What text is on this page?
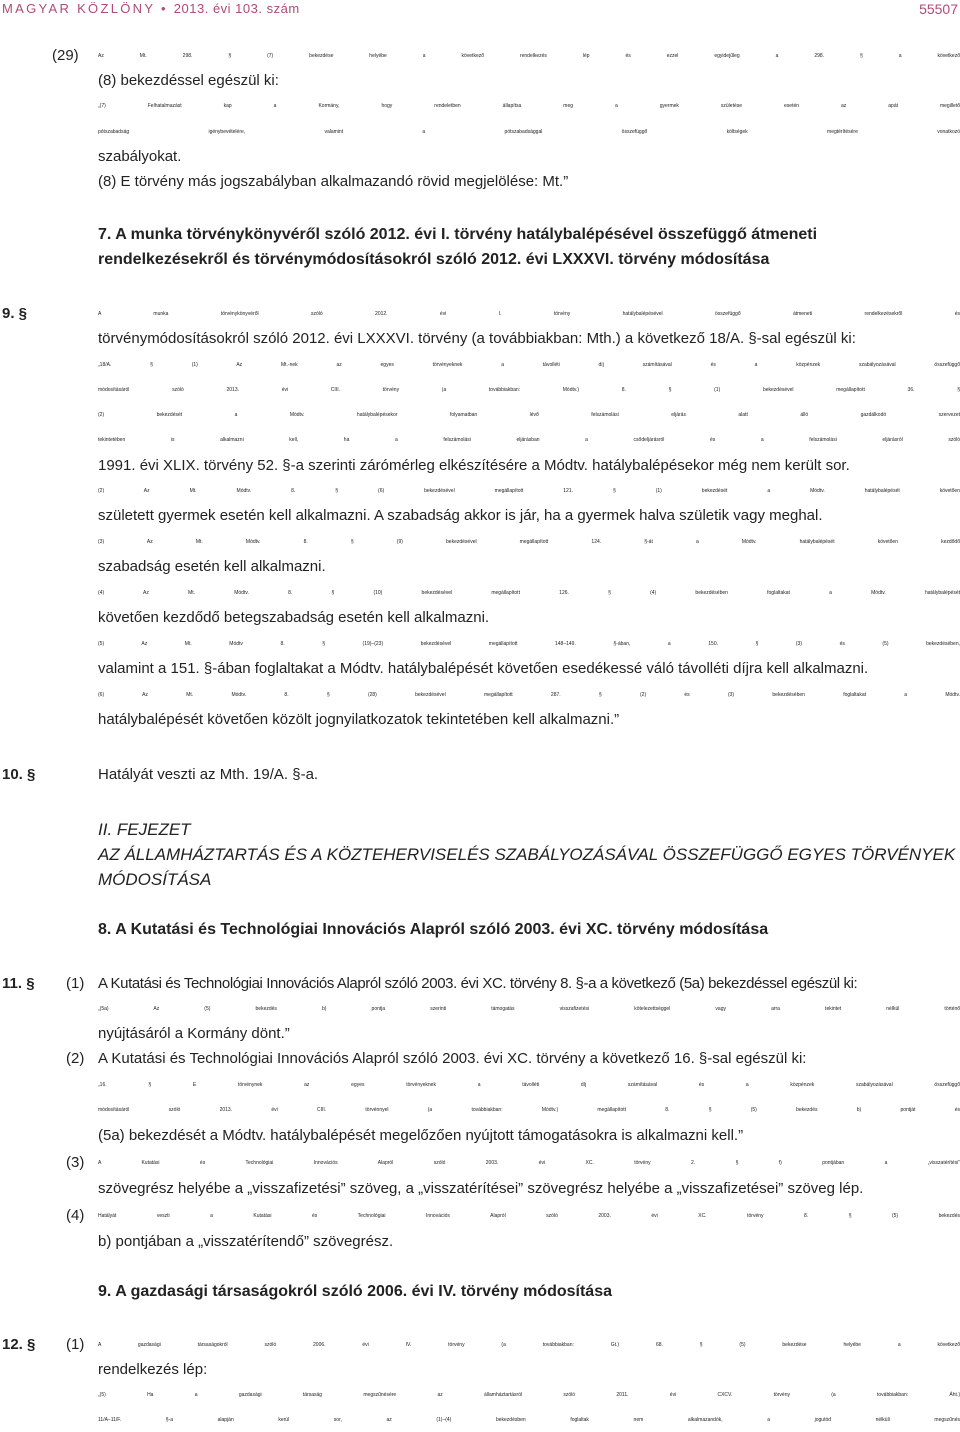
MAGYAR KÖZLÖNY • 2013. évi 103. szám	55507
(29)	Az Mt. 298. § (7) bekezdése helyébe a következő rendelkezés lép és ezzel egyidejűleg a 298. § a következő
(8) bekezdéssel egészül ki:
„(7) Felhatalmazást kap a Kormány, hogy rendeletben állapítsa meg a gyermek születése esetén az apát megillető
pótszabadság igénybevételére, valamint a pótszabadsággal összefüggő költségek megtérítésére vonatkozó
szabályokat.
(8) E törvény más jogszabályban alkalmazandó rövid megjelölése: Mt.”
7. A munka törvénykönyvéről szóló 2012. évi I. törvény hatálybalépésével összefüggő átmeneti
rendelkezésekről és törvénymódosításokról szóló 2012. évi LXXXVI. törvény módosítása
9. §	A munka törvénykönyvéről szóló 2012. évi I. törvény hatálybalépésével összefüggő átmeneti rendelkezésekről és
törvénymódosításokról szóló 2012. évi LXXXVI. törvény (a továbbiakban: Mth.) a következő 18/A. §-sal egészül ki:
„18/A. § (1) Az Mt.-nek az egyes törvényeknek a távolléti díj számításával és a közpénzek szabályozásával összefüggő
módosításáról szóló 2013. évi CIII. törvény (a továbbiakban: Módtv.) 8. § (1) bekezdésével megállapított 36. §
(2) bekezdését a Módtv. hatálybalépésekor folyamatban lévő felszámolási eljárás alatt álló gazdálkodó szervezet
tekintetében is alkalmazni kell, ha a felszámolási eljárásban a csődeljárásról és a felszámolási eljárásról szóló
1991. évi XLIX. törvény 52. §-a szerinti zárómérleg elkészítésére a Módtv. hatálybalépésekor még nem került sor.
(2) Az Mt. Módtv. 8. § (6) bekezdésével megállapított 121. § (1) bekezdését a Módtv. hatálybalépését követően
született gyermek esetén kell alkalmazni. A szabadság akkor is jár, ha a gyermek halva születik vagy meghal.
(3) Az Mt. Módtv. 8. § (9) bekezdésével megállapított 124. §-át a Módtv. hatálybalépését követően kezdődő
szabadság esetén kell alkalmazni.
(4) Az Mt. Módtv. 8. § (10) bekezdésével megállapított 126. § (4) bekezdésében foglaltakat a Módtv. hatálybalépését
követően kezdődő betegszabadság esetén kell alkalmazni.
(5) Az Mt. Módtv 8. § (19)–(23) bekezdésével megállapított 148–149. §-ában, a 150. § (3) és (5) bekezdésében,
valamint a 151. §-ában foglaltakat a Módtv. hatálybalépését követően esedékessé váló távolléti díjra kell alkalmazni.
(6) Az Mt. Módtv. 8. § (28) bekezdésével megállapított 287. § (2) és (3) bekezdésében foglaltakat a Módtv.
hatálybalépését követően közölt jognyilatkozatok tekintetében kell alkalmazni.”
10. §	Hatályát veszti az Mth. 19/A. §-a.
II. FEJEZET
AZ ÁLLAMHÁZTARTÁS ÉS A KÖZTEHERVISELÉS SZABÁLYOZÁSÁVAL ÖSSZEFÜGGŐ EGYES TÖRVÉNYEK
MÓDOSÍTÁSA
8. A Kutatási és Technológiai Innovációs Alapról szóló 2003. évi XC. törvény módosítása
11. § (1) A Kutatási és Technológiai Innovációs Alapról szóló 2003. évi XC. törvény 8. §-a a következő (5a) bekezdéssel egészül ki:
„(5a) Az (5) bekezdés b) pontja szerinti támogatás visszafizetési kötelezettséggel vagy arra tekintet nélkül történő
nyújtásáról a Kormány dönt.”
(2) A Kutatási és Technológiai Innovációs Alapról szóló 2003. évi XC. törvény a következő 16. §-sal egészül ki:
„16. § E törvénynek az egyes törvényeknek a távolléti díj számításával és a közpénzek szabályozásával összefüggő
módosításáról szóló 2013. évi CIII. törvénnyel (a továbbiakban: Módtv.) megállapított 8. § (5) bekezdés b) pontját és
(5a) bekezdését a Módtv. hatálybalépését megelőzően nyújtott támogatásokra is alkalmazni kell.”
(3)	A Kutatási és Technológiai Innovációs Alapról szóló 2003. évi XC. törvény 2. § f) pontjában a „visszatérítési”
szövegrész helyébe a „visszafizetési” szöveg, a „visszatérítései” szövegrész helyébe a „visszafizetései” szöveg lép.
(4)	Hatályát veszti a Kutatási és Technológiai Innovációs Alapról szóló 2003. évi XC. törvény 8. § (5) bekezdés
b) pontjában a „visszatérítendő” szövegrész.
9. A gazdasági társaságokról szóló 2006. évi IV. törvény módosítása
12. § (1)	A gazdasági társaságokról szóló 2006. évi IV. törvény (a továbbiakban: Gt.) 68. § (5) bekezdése helyébe a következő
rendelkezés lép:
„(5) Ha a gazdasági társaság megszűnésére az államháztartásról szóló 2011. évi CXCV. törvény (a továbbiakban: Áht.)
11/A–11/F. §-a alapján kerül sor, az (1)–(4) bekezdésben foglaltak nem alkalmazandók, a jogutód nélküli megszűnés
